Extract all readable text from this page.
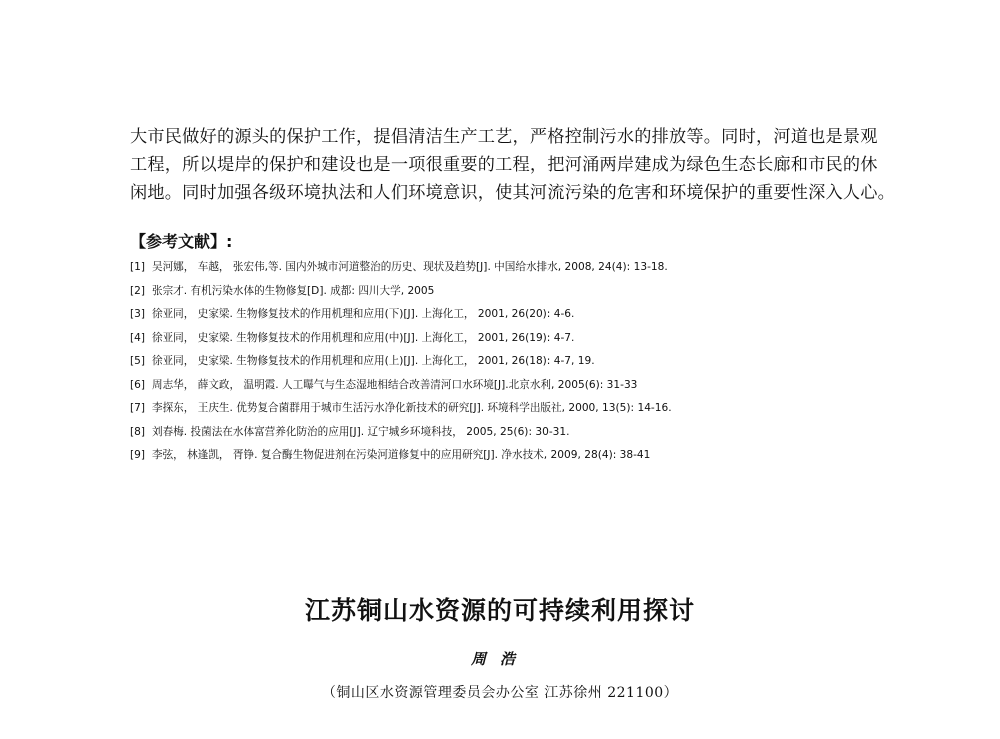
大市民做好的源头的保护工作，提倡清洁生产工艺，严格控制污水的排放等。同时，河道也是景观
工程，所以堤岸的保护和建设也是一项很重要的工程，把河涌两岸建成为绿色生态长廊和市民的休
闲地。同时加强各级环境执法和人们环境意识，使其河流污染的危害和环境保护的重要性深入人心。

【参考文献】:
[1] 吴河娜， 车越， 张宏伟,等. 国内外城市河道整治的历史、现状及趋势[J]. 中国给水排水, 2008, 24(4): 13-18.
[2] 张宗才. 有机污染水体的生物修复[D]. 成都: 四川大学, 2005
[3] 徐亚同， 史家梁. 生物修复技术的作用机理和应用(下)[J]. 上海化工， 2001, 26(20): 4-6.
[4] 徐亚同， 史家梁. 生物修复技术的作用机理和应用(中)[J]. 上海化工， 2001, 26(19): 4-7.
[5] 徐亚同， 史家梁. 生物修复技术的作用机理和应用(上)[J]. 上海化工， 2001, 26(18): 4-7, 19.
[6] 周志华， 薛文政， 温明霞. 人工曝气与生态湿地相结合改善清河口水环境[J].北京水利, 2005(6): 31-33
[7] 李探东， 王庆生. 优势复合菌群用于城市生活污水净化新技术的研究[J]. 环境科学出版社, 2000, 13(5): 14-16.
[8] 刘春梅. 投菌法在水体富营养化防治的应用[J]. 辽宁城乡环境科技， 2005, 25(6): 30-31.
[9] 李弦， 林逢凯， 胥铮. 复合酶生物促进剂在污染河道修复中的应用研究[J]. 净水技术, 2009, 28(4): 38-41
江苏铜山水资源的可持续利用探讨

周浩

（铜山区水资源管理委员会办公室 江苏徐州 221100）
